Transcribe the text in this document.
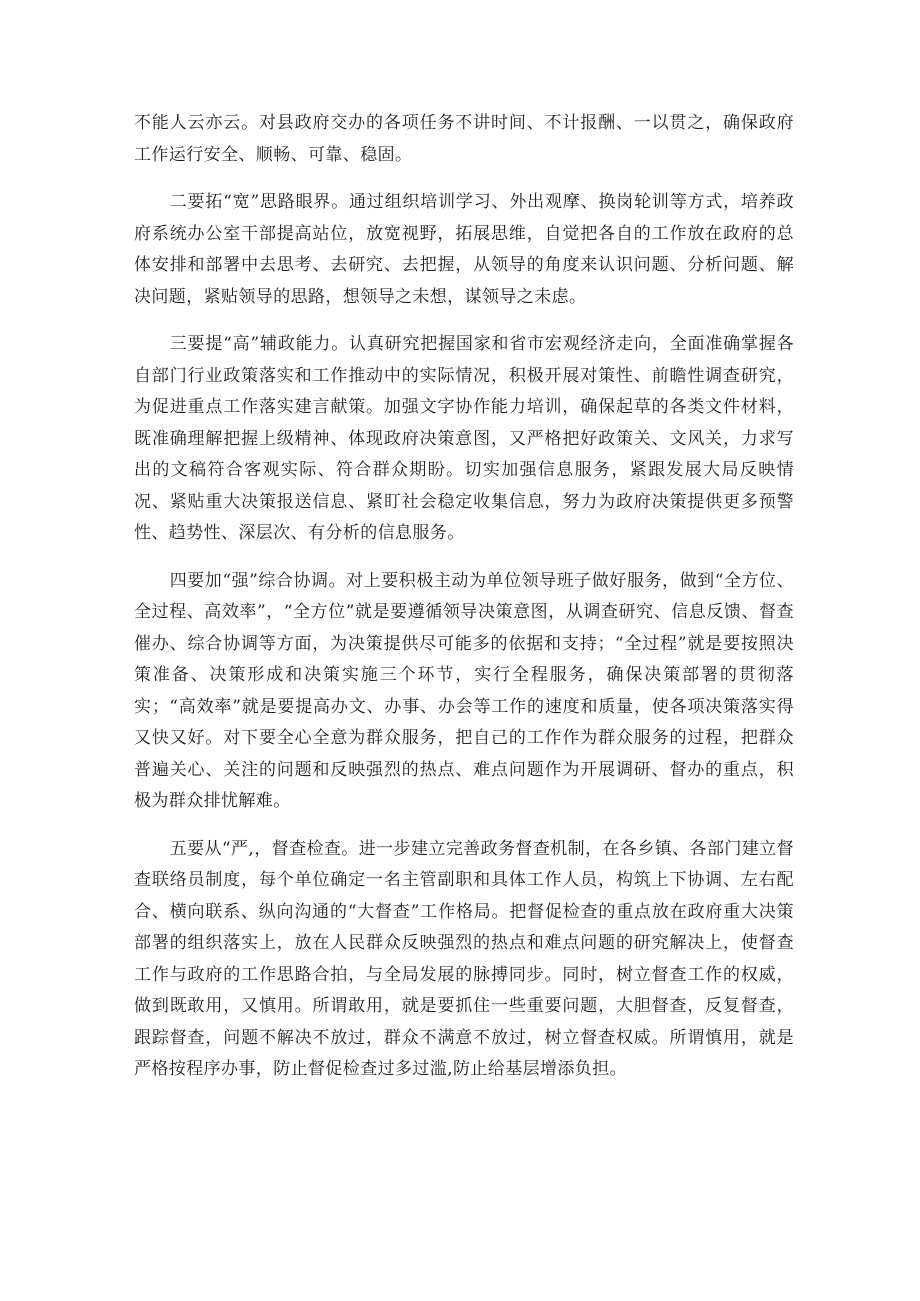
不能人云亦云。对县政府交办的各项任务不讲时间、不计报酬、一以贯之，确保政府工作运行安全、顺畅、可靠、稳固。

二要拓“宽”思路眼界。通过组织培训学习、外出观摩、换岗轮训等方式，培养政府系统办公室干部提高站位，放宽视野，拓展思维，自觉把各自的工作放在政府的总体安排和部署中去思考、去研究、去把握，从领导的角度来认识问题、分析问题、解决问题，紧贴领导的思路，想领导之未想，谋领导之未虑。

三要提“高”辅政能力。认真研究把握国家和省市宏观经济走向，全面准确掌握各自部门行业政策落实和工作推动中的实际情况，积极开展对策性、前瞻性调查研究，为促进重点工作落实建言献策。加强文字协作能力培训，确保起草的各类文件材料，既准确理解把握上级精神、体现政府决策意图，又严格把好政策关、文风关，力求写出的文稿符合客观实际、符合群众期盼。切实加强信息服务，紧跟发展大局反映情况、紧贴重大决策报送信息、紧盯社会稳定收集信息，努力为政府决策提供更多预警性、趋势性、深层次、有分析的信息服务。

四要加“强”综合协调。对上要积极主动为单位领导班子做好服务，做到“全方位、全过程、高效率”，“全方位”就是要遵循领导决策意图，从调查研究、信息反馈、督查催办、综合协调等方面，为决策提供尽可能多的依据和支持；“全过程”就是要按照决策准备、决策形成和决策实施三个环节，实行全程服务，确保决策部署的贯彻落实；“高效率”就是要提高办文、办事、办会等工作的速度和质量，使各项决策落实得又快又好。对下要全心全意为群众服务，把自己的工作作为群众服务的过程，把群众普遍关心、关注的问题和反映强烈的热点、难点问题作为开展调研、督办的重点，积极为群众排忧解难。

五要从“严,，督查检查。进一步建立完善政务督查机制，在各乡镇、各部门建立督查联络员制度，每个单位确定一名主管副职和具体工作人员，构筑上下协调、左右配合、横向联系、纵向沟通的“大督查”工作格局。把督促检查的重点放在政府重大决策部署的组织落实上，放在人民群众反映强烈的热点和难点问题的研究解决上，使督查工作与政府的工作思路合拍，与全局发展的脉搏同步。同时，树立督查工作的权威，做到既敢用，又慎用。所谓敢用，就是要抓住一些重要问题，大胆督查，反复督查，跟踪督查，问题不解决不放过，群众不满意不放过，树立督查权威。所谓慎用，就是严格按程序办事，防止督促检查过多过滥,防止给基层增添负担。
